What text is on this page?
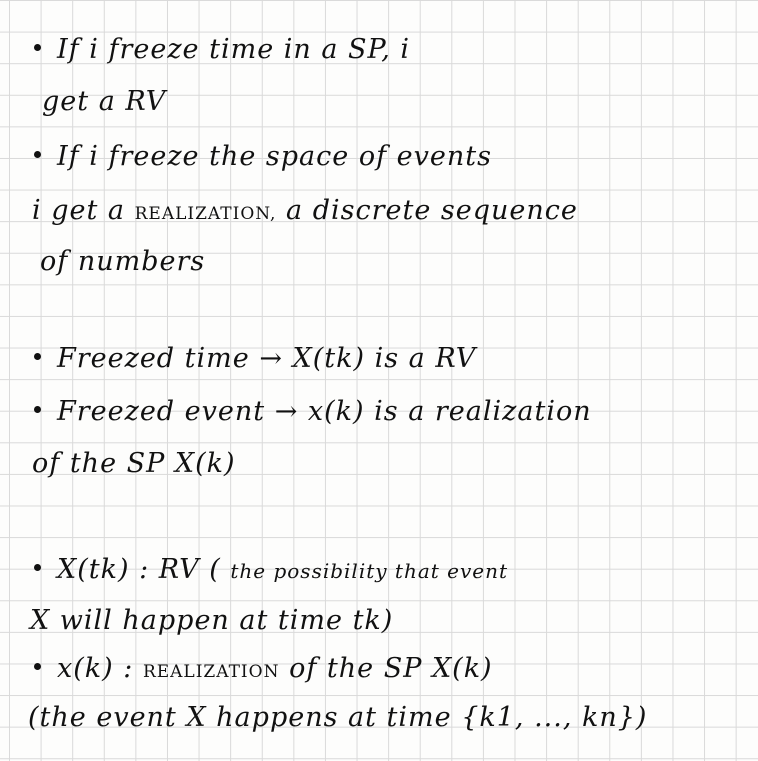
If i freeze time in a SP, i
get a RV
If i freeze the space of events
i get a REALIZATION, a discrete sequence
of numbers
Freezed time → X(tk) is a RV
Freezed event → x(k) is a realization
of the SP X(k)
X(tk) : RV ( the possibility that event
X will happen at time tk)
x(k) : REALIZATION of the SP X(k)
(the event X happens at time {k1, ..., kn})
